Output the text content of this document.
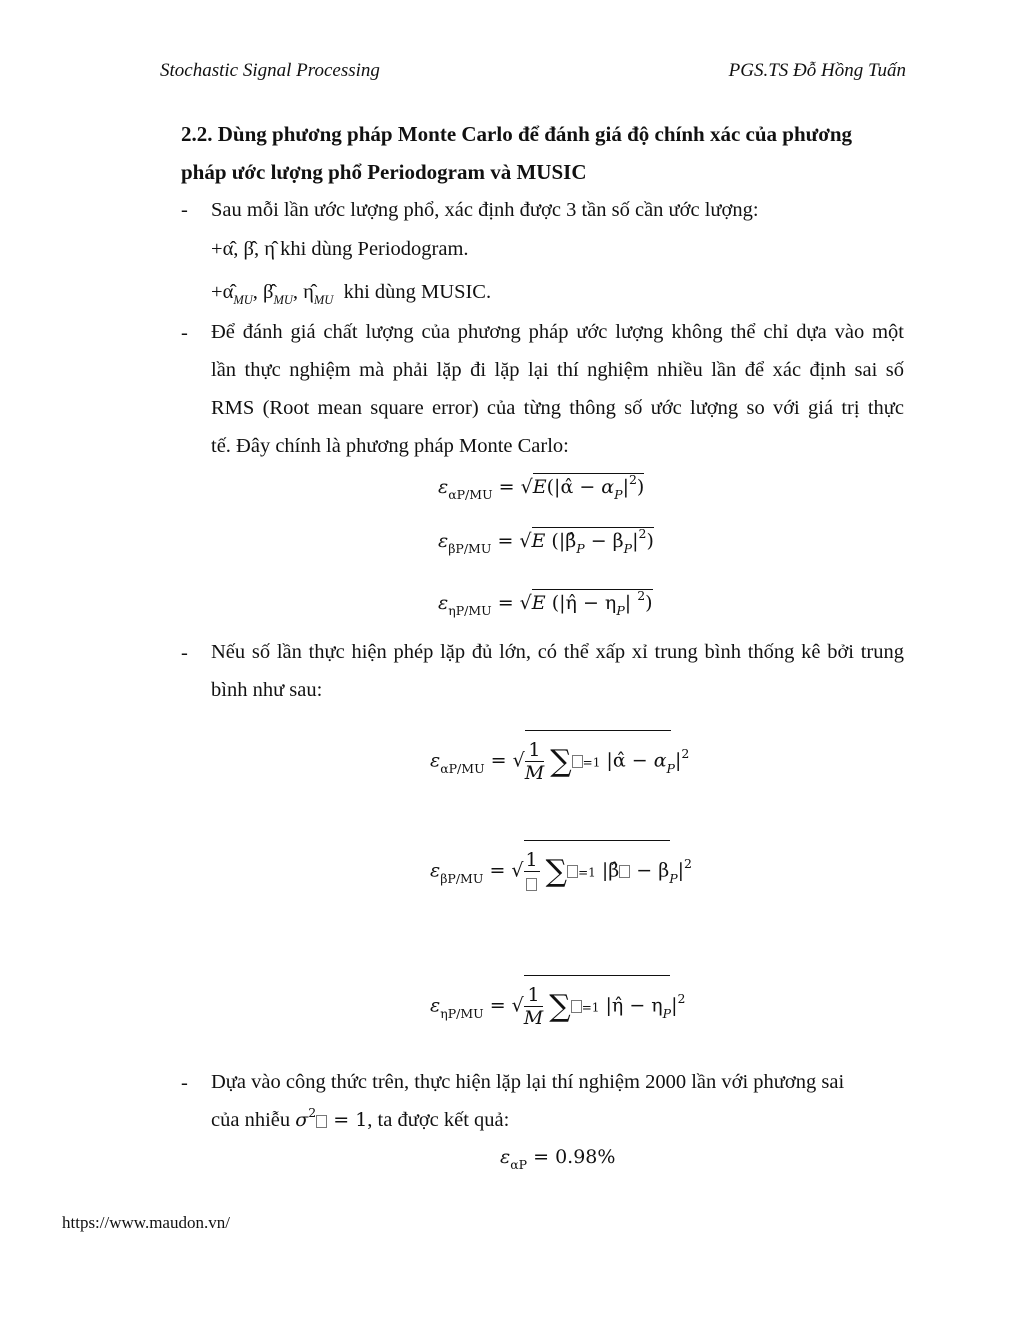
Stochastic Signal Processing	PGS.TS Đỗ Hồng Tuấn
2.2. Dùng phương pháp Monte Carlo để đánh giá độ chính xác của phương
pháp ước lượng phổ Periodogram và MUSIC
- Sau mỗi lần ước lượng phổ, xác định được 3 tần số cần ước lượng:
+α̂, β̂, η̂ khi dùng Periodogram.
$+\alphâ_{MU}$, $\betâ_{MU}$, $\etâ_{MU}$ khi dùng MUSIC.
- Để đánh giá chất lượng của phương pháp ước lượng không thể chỉ dựa vào một
lần thực nghiệm mà phải lặp đi lặp lại thí nghiệm nhiều lần để xác định sai số
RMS (Root mean square error) của từng thông số ước lượng so với giá trị thực
tế. Đây chính là phương pháp Monte Carlo:
$\varepsilon_{\alpha P/MU}$ = √E(|α̂ − $\alpha_P|^2$)
$\varepsilon_{\beta P/MU} = √E$ $(|\betâ_P - \beta_P|^2)$
$\varepsilon_{\eta P/MU} = √E$ (|η̂ − $\eta_P|$ $^2$)
- Nếu số lần thực hiện phép lặp đủ lớn, có thể xấp xỉ trung bình thống kê bởi trung
bình như sau:
$\varepsilon_{\alpha P/MU}$ = √ $\frac{1}{M}$ ∑ =1 |α̂ − $\alpha_P|^2$
$\varepsilon_{\beta P/MU}$ = √ 1 ∑ =1 |β̂ − $\beta_P|^2$
$\varepsilon_{\eta P/MU}$ = √ $\frac{1}{M}$ ∑ =1 |η̂ − $\eta_P|^2$
- Dựa vào công thức trên, thực hiện lặp lại thí nghiệm 2000 lần với phương sai
của nhiễu $\sigma^2 = 1$, ta được kết quả:
$\varepsilon_{\alpha P} = 0.98\%$
https://www.maudon.vn/
